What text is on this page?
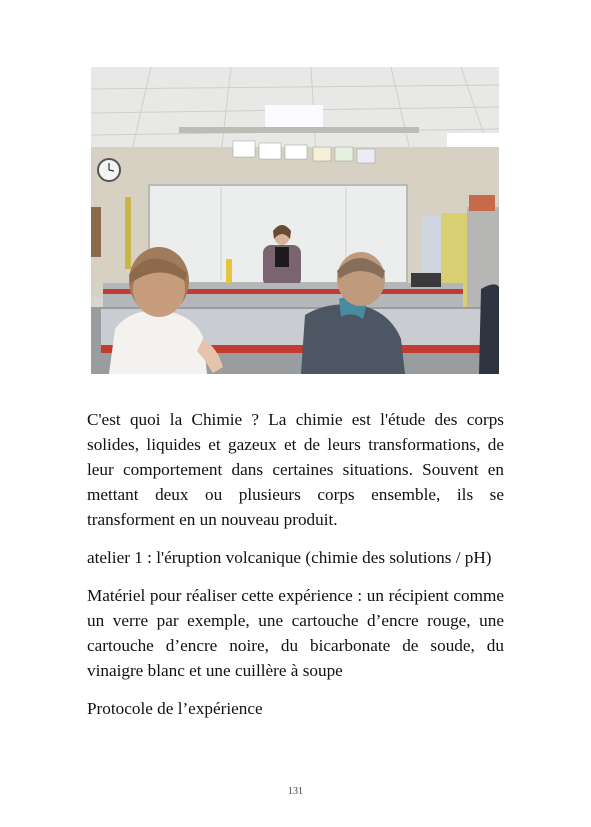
C'est quoi la Chimie ? La chimie est l'étude des corps solides, liquides et gazeux et de leurs transformations, de leur comportement dans certaines situations. Souvent en mettant deux ou plusieurs corps ensemble, ils se transforment en un nouveau produit.

atelier 1 : l'éruption volcanique (chimie des solutions / pH)

Matériel pour réaliser cette expérience : un récipient comme un verre par exemple, une cartouche d’encre rouge, une cartouche d’encre noire, du bicarbonate de soude, du vinaigre blanc et une cuillère à soupe

Protocole de l’expérience

131
